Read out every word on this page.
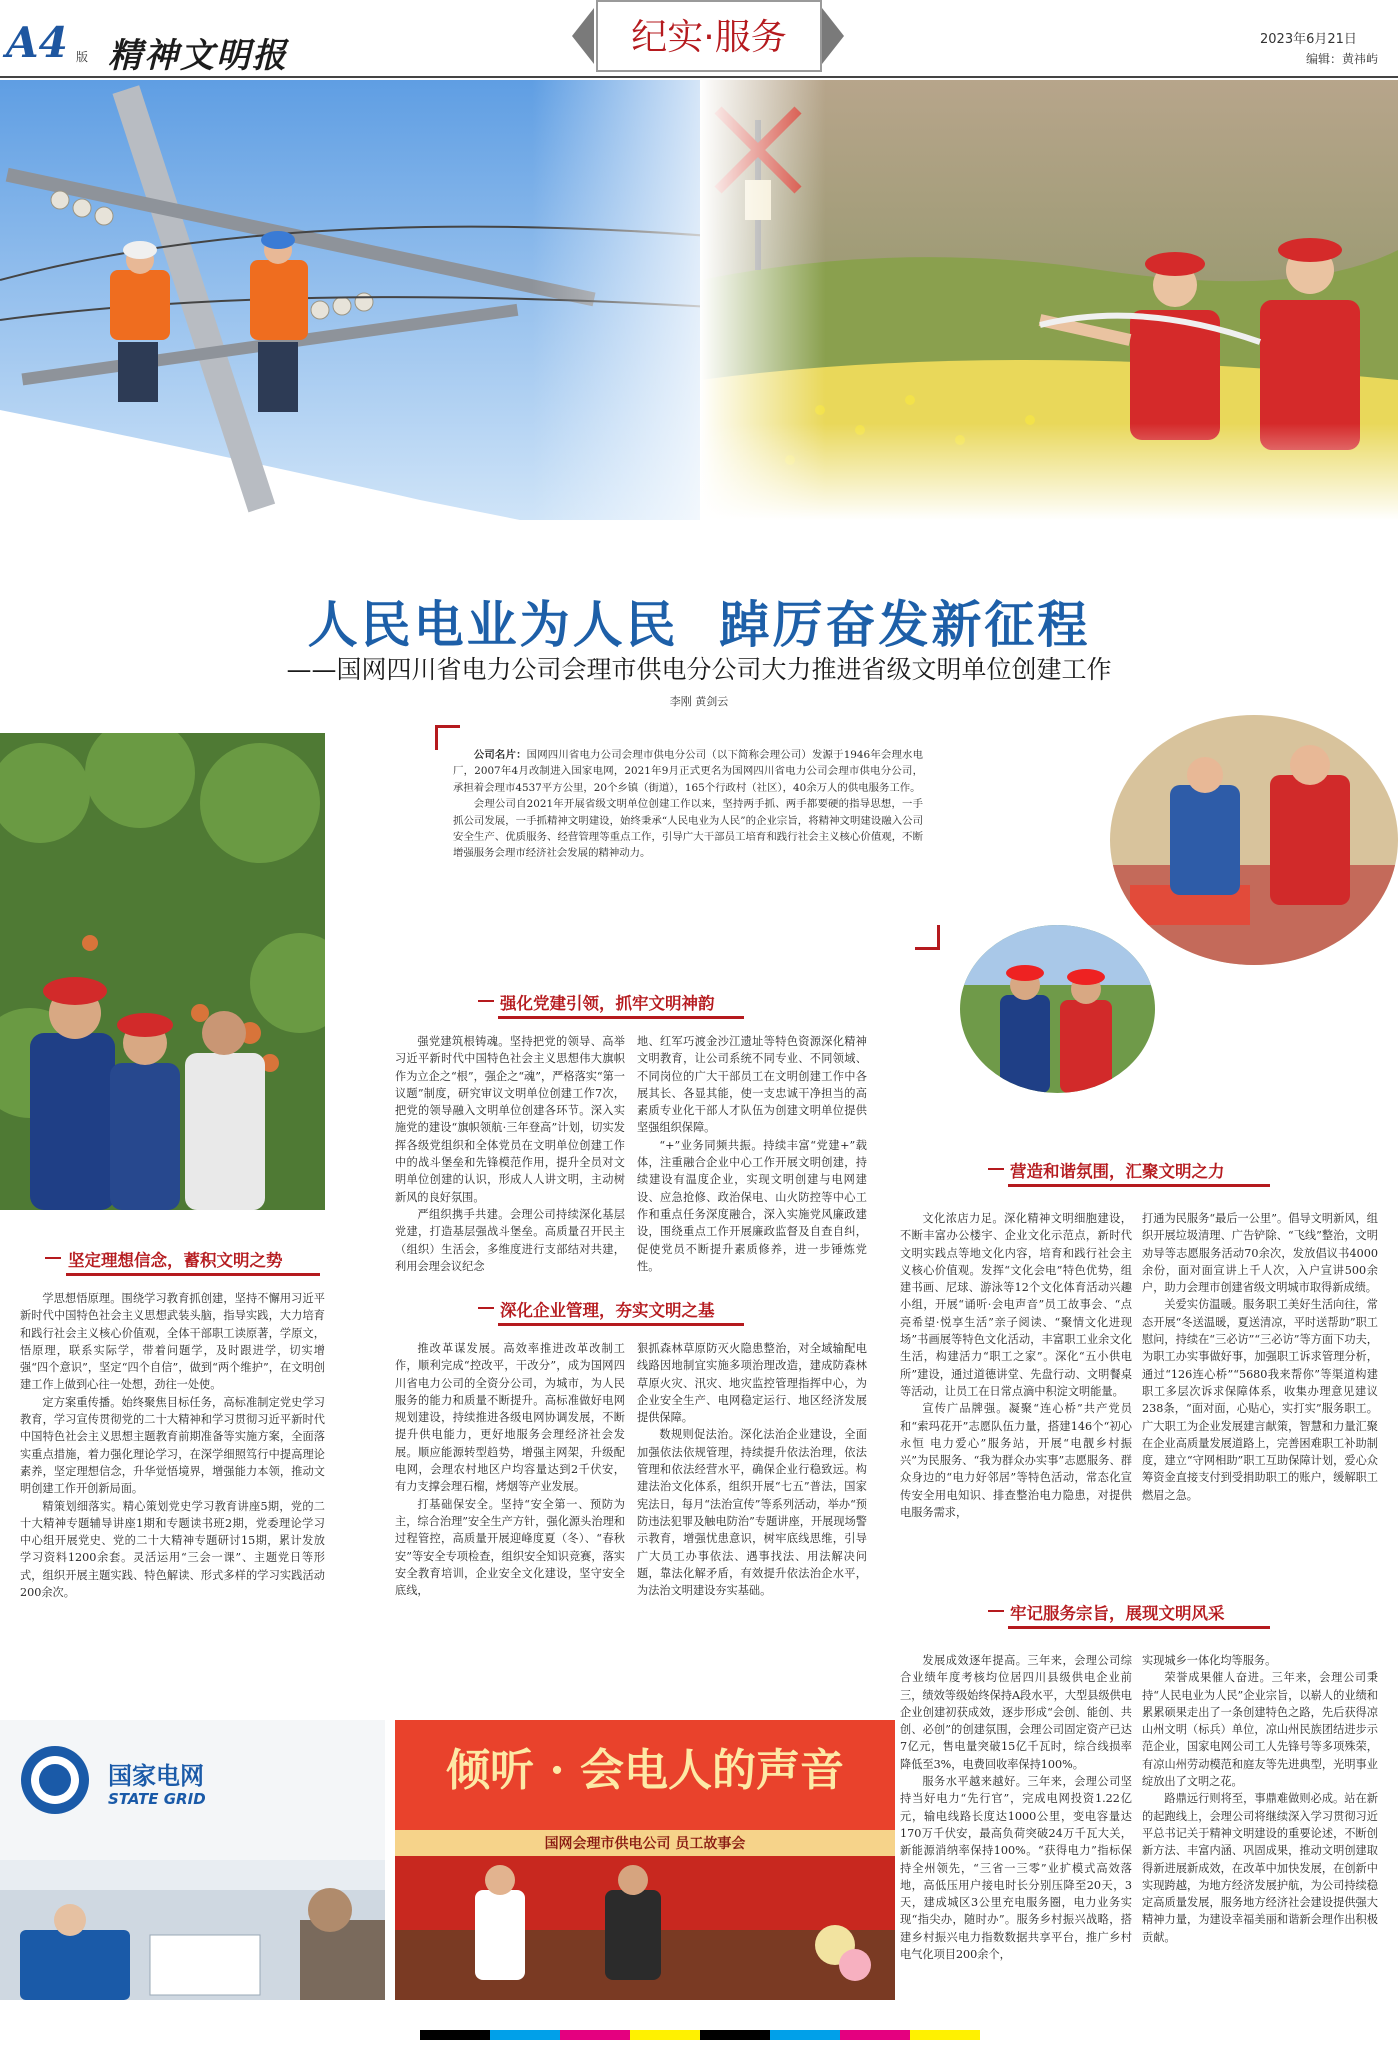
A4 版 精神文明报	纪实·服务	2023年6月21日
编辑：黄祎屿
人民电业为人民  踔厉奋发新征程
——国网四川省电力公司会理市供电分公司大力推进省级文明单位创建工作
李刚 黄剑云

公司名片：国网四川省电力公司会理市供电分公司（以下简称会理公司）发源于1946年会理水电厂，2007年4月改制进入国家电网，2021年9月正式更名为国网四川省电力公司会理市供电分公司，承担着会理市4537平方公里，20个乡镇（街道），165个行政村（社区），40余万人的供电服务工作。

会理公司自2021年开展省级文明单位创建工作以来，坚持两手抓、两手都要硬的指导思想，一手抓公司发展，一手抓精神文明建设，始终秉承“人民电业为人民”的企业宗旨，将精神文明建设融入公司安全生产、优质服务、经营管理等重点工作，引导广大干部员工培育和践行社会主义核心价值观，不断增强服务会理市经济社会发展的精神动力。

强化党建引领，抓牢文明神韵

强党建筑根铸魂。坚持把党的领导、高举习近平新时代中国特色社会主义思想伟大旗帜作为立企之“根”，强企之“魂”，严格落实“第一议题”制度，研究审议文明单位创建工作7次，把党的领导融入文明单位创建各环节。深入实施党的建设“旗帜领航·三年登高”计划，切实发挥各级党组织和全体党员在文明单位创建工作中的战斗堡垒和先锋模范作用，提升全员对文明单位创建的认识，形成人人讲文明，主动树新风的良好氛围。

严组织携手共建。会理公司持续深化基层党建，打造基层强战斗堡垒。高质量召开民主（组织）生活会，多维度进行支部结对共建，利用会理会议纪念

地、红军巧渡金沙江遗址等特色资源深化精神文明教育，让公司系统不同专业、不同领域、不同岗位的广大干部员工在文明创建工作中各展其长、各显其能，使一支忠诚干净担当的高素质专业化干部人才队伍为创建文明单位提供坚强组织保障。

“+”业务同频共振。持续丰富“党建+”载体，注重融合企业中心工作开展文明创建，持续建设有温度企业，实现文明创建与电网建设、应急抢修、政治保电、山火防控等中心工作和重点任务深度融合，深入实施党风廉政建设，围绕重点工作开展廉政监督及自查自纠，促使党员不断提升素质修养，进一步锤炼党性。

坚定理想信念，蓄积文明之势

学思想悟原理。围绕学习教育抓创建，坚持不懈用习近平新时代中国特色社会主义思想武装头脑，指导实践，大力培育和践行社会主义核心价值观，全体干部职工读原著，学原文，悟原理，联系实际学，带着问题学，及时跟进学，切实增强“四个意识”，坚定“四个自信”，做到“两个维护”，在文明创建工作上做到心往一处想，劲往一处使。

定方案重传播。始终聚焦目标任务，高标准制定党史学习教育，学习宣传贯彻党的二十大精神和学习贯彻习近平新时代中国特色社会主义思想主题教育前期准备等实施方案，全面落实重点措施，着力强化理论学习，在深学细照笃行中提高理论素养，坚定理想信念，升华觉悟境界，增强能力本领，推动文明创建工作开创新局面。

精策划细落实。精心策划党史学习教育讲座5期，党的二十大精神专题辅导讲座1期和专题读书班2期，党委理论学习中心组开展党史、党的二十大精神专题研讨15期，累计发放学习资料1200余套。灵活运用“三会一课”、主题党日等形式，组织开展主题实践、特色解读、形式多样的学习实践活动200余次。

深化企业管理，夯实文明之基

推改革谋发展。高效率推进改革改制工作，顺利完成“控改平，干改分”，成为国网四川省电力公司的全资分公司，为城市，为人民服务的能力和质量不断提升。高标准做好电网规划建设，持续推进各级电网协调发展，不断提升供电能力，更好地服务会理经济社会发展。顺应能源转型趋势，增强主网架，升级配电网，会理农村地区户均容量达到2千伏安，有力支撑会理石榴，烤烟等产业发展。

打基础保安全。坚持“安全第一、预防为主，综合治理”安全生产方针，强化源头治理和过程管控，高质量开展迎峰度夏（冬）、“春秋安”等安全专项检查，组织安全知识竞赛，落实安全教育培训，企业安全文化建设，坚守安全底线，

狠抓森林草原防灭火隐患整治，对全域输配电线路因地制宜实施多项治理改造，建成防森林草原火灾、汛灾、地灾监控管理指挥中心，为企业安全生产、电网稳定运行、地区经济发展提供保障。

数规则促法治。深化法治企业建设，全面加强依法依规管理，持续提升依法治理，依法管理和依法经营水平，确保企业行稳致远。构建法治文化体系，组织开展“七五”普法，国家宪法日，每月“法治宣传”等系列活动，举办“预防违法犯罪及触电防治”专题讲座，开展现场警示教育，增强忧患意识，树牢底线思维，引导广大员工办事依法、遇事找法、用法解决问题，靠法化解矛盾，有效提升依法治企水平，为法治文明建设夯实基础。

营造和谐氛围，汇聚文明之力

文化浓店力足。深化精神文明细胞建设，不断丰富办公楼宇、企业文化示范点，新时代文明实践点等地文化内容，培育和践行社会主义核心价值观。发挥“文化会电”特色优势，组建书画、尼球、游泳等12个文化体育活动兴趣小组，开展“诵听·会电声音”员工故事会、“点亮希望·悦享生活”亲子阅读、“聚情文化进现场”书画展等特色文化活动，丰富职工业余文化生活，构建活力“职工之家”。深化“五小供电所”建设，通过道德讲堂、先盘行动、文明餐桌等活动，让员工在日常点滴中积淀文明能量。

宣传广品牌强。凝聚“连心桥”共产党员和“索玛花开”志愿队伍力量，搭建146个“初心永恒 电力爱心”服务站，开展“电靓乡村振兴”为民服务、“我为群众办实事”志愿服务、群众身边的“电力好邻居”等特色活动，常态化宣传安全用电知识、排查整治电力隐患，对提供电服务需求，

打通为民服务“最后一公里”。倡导文明新风，组织开展垃圾清理、广告铲除、“飞线”整治，文明劝导等志愿服务活动70余次，发放倡议书4000余份，面对面宣讲上千人次，入户宣讲500余户，助力会理市创建省级文明城市取得新成绩。

关爱实仿温暖。服务职工美好生活向往，常态开展“冬送温暖，夏送清凉，平时送帮助”职工慰问，持续在“三必访”“三必访”等方面下功夫，为职工办实事做好事，加强职工诉求管理分析，通过“126连心桥”“5680我来帮你”等渠道构建职工多层次诉求保障体系，收集办理意见建议238条，“面对面，心贴心，实打实”服务职工。广大职工为企业发展建言献策，智慧和力量汇聚在企业高质量发展道路上，完善困难职工补助制度，建立“守网相助”职工互助保障计划，爱心众筹资金直接支付到受捐助职工的账户，缓解职工燃眉之急。

牢记服务宗旨，展现文明风采

发展成效逐年提高。三年来，会理公司综合业绩年度考核均位居四川县级供电企业前三，绩效等级始终保持A段水平，大型县级供电企业创建初获成效，逐步形成“会创、能创、共创、必创”的创建氛围，会理公司固定资产已达7亿元，售电量突破15亿千瓦时，综合线损率降低至3%，电费回收率保持100%。

服务水平越来越好。三年来，会理公司坚持当好电力“先行官”，完成电网投资1.22亿元，输电线路长度达1000公里，变电容量达170万千伏安，最高负荷突破24万千瓦大关，新能源消纳率保持100%。“获得电力”指标保持全州领先，“三省一三零”业扩模式高效落地，高低压用户接电时长分别压降至20天，3天，建成城区3公里充电服务圈，电力业务实现“指尖办，随时办”。服务乡村振兴战略，搭建乡村振兴电力指数数据共享平台，推广乡村电气化项目200余个，

实现城乡一体化均等服务。

荣誉成果催人奋进。三年来，会理公司秉持“人民电业为人民”企业宗旨，以崭人的业绩和累累硕果走出了一条创建特色之路，先后获得凉山州文明（标兵）单位，凉山州民族团结进步示范企业，国家电网公司工人先锋号等多项殊荣，有凉山州劳动模范和庭友等先进典型，光明事业绽放出了文明之花。

路鼎远行则将至，事鼎难做则必成。站在新的起跑线上，会理公司将继续深入学习贯彻习近平总书记关于精神文明建设的重要论述，不断创新方法、丰富内涵、巩固成果，推动文明创建取得新进展新成效，在改革中加快发展，在创新中实现跨越，为地方经济发展护航，为公司持续稳定高质量发展，服务地方经济社会建设提供强大精神力量，为建设幸福美丽和谐新会理作出积极贡献。

国家电网
STATE GRID
倾听 · 会电人的声音
国网会理市供电公司 员工故事会
